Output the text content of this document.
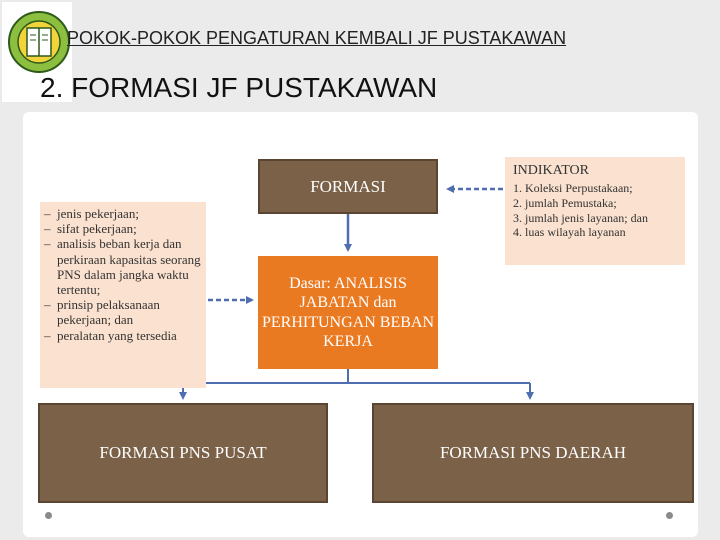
POKOK-POKOK PENGATURAN KEMBALI JF PUSTAKAWAN
2. FORMASI JF PUSTAKAWAN
FORMASI
Dasar: ANALISIS JABATAN dan PERHITUNGAN BEBAN KERJA
– jenis pekerjaan;
– sifat pekerjaan;
– analisis beban kerja dan perkiraan kapasitas seorang PNS dalam jangka waktu tertentu;
– prinsip pelaksanaan pekerjaan; dan
– peralatan yang tersedia
INDIKATOR
1. Koleksi Perpustakaan;
2. jumlah Pemustaka;
3. jumlah jenis layanan; dan
4. luas wilayah layanan
FORMASI PNS PUSAT	FORMASI PNS DAERAH
